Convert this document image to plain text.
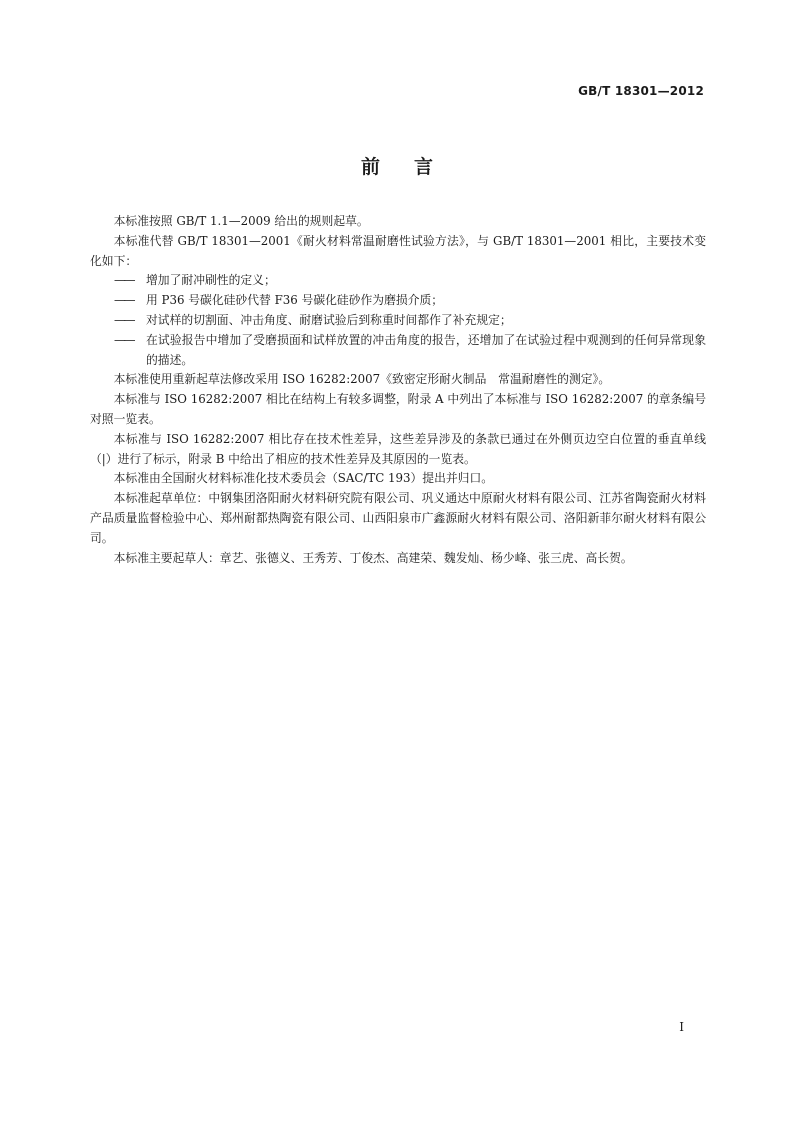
GB/T 18301—2012
前言

本标准按照 GB/T 1.1—2009 给出的规则起草。

本标准代替 GB/T 18301—2001《耐火材料常温耐磨性试验方法》，与 GB/T 18301—2001 相比，主要技术变化如下：

——	增加了耐冲刷性的定义；
——	用 P36 号碳化硅砂代替 F36 号碳化硅砂作为磨损介质；
——	对试样的切割面、冲击角度、耐磨试验后到称重时间都作了补充规定；
——	在试验报告中增加了受磨损面和试样放置的冲击角度的报告，还增加了在试验过程中观测到的任何异常现象的描述。

本标准使用重新起草法修改采用 ISO 16282:2007《致密定形耐火制品　常温耐磨性的测定》。

本标准与 ISO 16282:2007 相比在结构上有较多调整，附录 A 中列出了本标准与 ISO 16282:2007 的章条编号对照一览表。

本标准与 ISO 16282:2007 相比存在技术性差异，这些差异涉及的条款已通过在外侧页边空白位置的垂直单线（|）进行了标示，附录 B 中给出了相应的技术性差异及其原因的一览表。

本标准由全国耐火材料标准化技术委员会（SAC/TC 193）提出并归口。

本标准起草单位：中钢集团洛阳耐火材料研究院有限公司、巩义通达中原耐火材料有限公司、江苏省陶瓷耐火材料产品质量监督检验中心、郑州耐都热陶瓷有限公司、山西阳泉市广鑫源耐火材料有限公司、洛阳新菲尔耐火材料有限公司。

本标准主要起草人：章艺、张德义、王秀芳、丁俊杰、高建荣、魏发灿、杨少峰、张三虎、高长贺。

I
